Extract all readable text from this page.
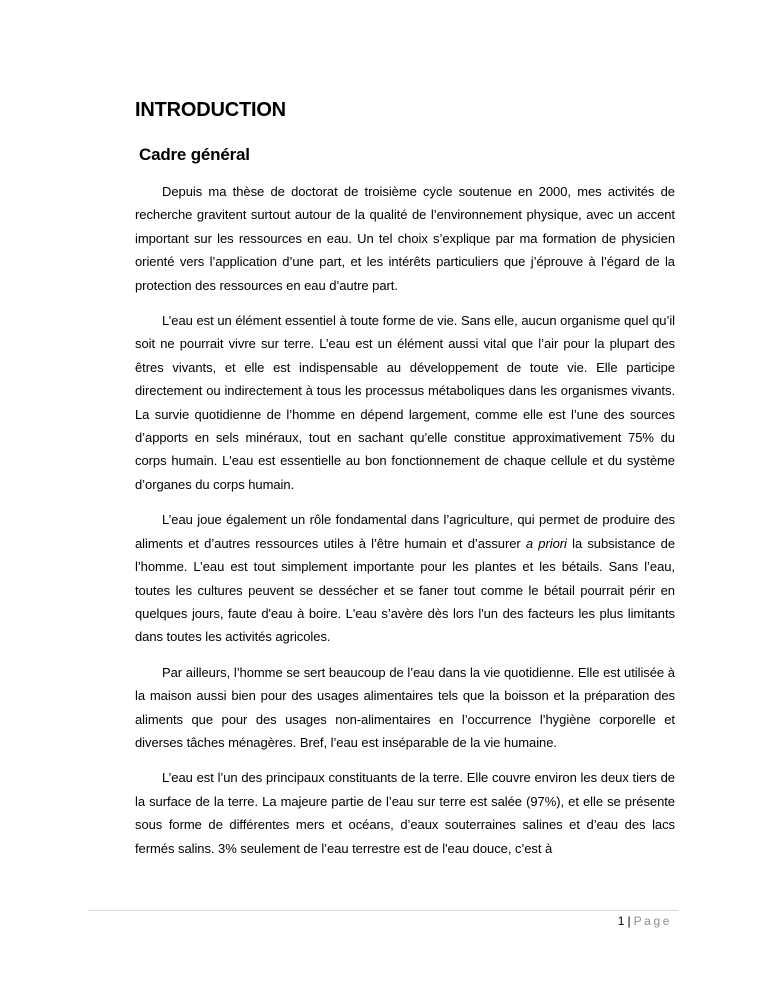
INTRODUCTION
Cadre général

Depuis ma thèse de doctorat de troisième cycle soutenue en 2000, mes activités de recherche gravitent surtout autour de la qualité de l’environnement physique, avec un accent important sur les ressources en eau. Un tel choix s’explique par ma formation de physicien orienté vers l’application d’une part, et les intérêts particuliers que j’éprouve à l’égard de la protection des ressources en eau d’autre part.

L’eau est un élément essentiel à toute forme de vie. Sans elle, aucun organisme quel qu’il soit ne pourrait vivre sur terre. L’eau est un élément aussi vital que l’air pour la plupart des êtres vivants, et elle est indispensable au développement de toute vie. Elle participe directement ou indirectement à tous les processus métaboliques dans les organismes vivants. La survie quotidienne de l’homme en dépend largement, comme elle est l’une des sources d’apports en sels minéraux, tout en sachant qu’elle constitue approximativement 75% du corps humain. L'eau est essentielle au bon fonctionnement de chaque cellule et du système d’organes du corps humain.

L’eau joue également un rôle fondamental dans l’agriculture, qui permet de produire des aliments et d’autres ressources utiles à l’être humain et d’assurer a priori la subsistance de l’homme. L’eau est tout simplement importante pour les plantes et les bétails. Sans l’eau, toutes les cultures peuvent se dessécher et se faner tout comme le bétail pourrait périr en quelques jours, faute d'eau à boire. L'eau s’avère dès lors l'un des facteurs les plus limitants dans toutes les activités agricoles.

Par ailleurs, l’homme se sert beaucoup de l’eau dans la vie quotidienne. Elle est utilisée à la maison aussi bien pour des usages alimentaires tels que la boisson et la préparation des aliments que pour des usages non-alimentaires en l’occurrence l’hygiène corporelle et diverses tâches ménagères. Bref, l’eau est inséparable de la vie humaine.

L’eau est l’un des principaux constituants de la terre. Elle couvre environ les deux tiers de la surface de la terre. La majeure partie de l’eau sur terre est salée (97%), et elle se présente sous forme de différentes mers et océans, d’eaux souterraines salines et d’eau des lacs fermés salins. 3% seulement de l’eau terrestre est de l'eau douce, c’est à

1 | Page
